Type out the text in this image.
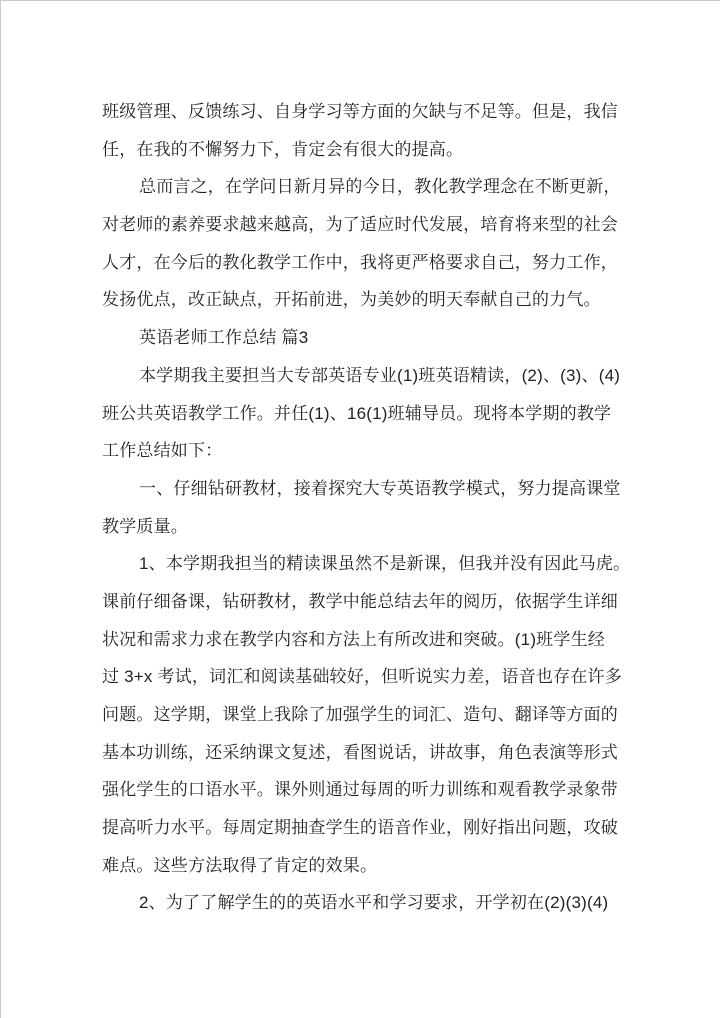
班级管理、反馈练习、自身学习等方面的欠缺与不足等。但是，我信
任，在我的不懈努力下，肯定会有很大的提高。
总而言之，在学问日新月异的今日，教化教学理念在不断更新，
对老师的素养要求越来越高，为了适应时代发展，培育将来型的社会
人才，在今后的教化教学工作中，我将更严格要求自己，努力工作，
发扬优点，改正缺点，开拓前进，为美妙的明天奉献自己的力气。
英语老师工作总结 篇3
本学期我主要担当大专部英语专业(1)班英语精读，(2)、(3)、(4)
班公共英语教学工作。并任(1)、16(1)班辅导员。现将本学期的教学
工作总结如下：
一、仔细钻研教材，接着探究大专英语教学模式，努力提高课堂
教学质量。
1、本学期我担当的精读课虽然不是新课，但我并没有因此马虎。
课前仔细备课，钻研教材，教学中能总结去年的阅历，依据学生详细
状况和需求力求在教学内容和方法上有所改进和突破。(1)班学生经
过 3+x 考试，词汇和阅读基础较好，但听说实力差，语音也存在许多
问题。这学期，课堂上我除了加强学生的词汇、造句、翻译等方面的
基本功训练，还采纳课文复述，看图说话，讲故事，角色表演等形式
强化学生的口语水平。课外则通过每周的听力训练和观看教学录象带
提高听力水平。每周定期抽查学生的语音作业，刚好指出问题，攻破
难点。这些方法取得了肯定的效果。
2、为了了解学生的的英语水平和学习要求，开学初在(2)(3)(4)
